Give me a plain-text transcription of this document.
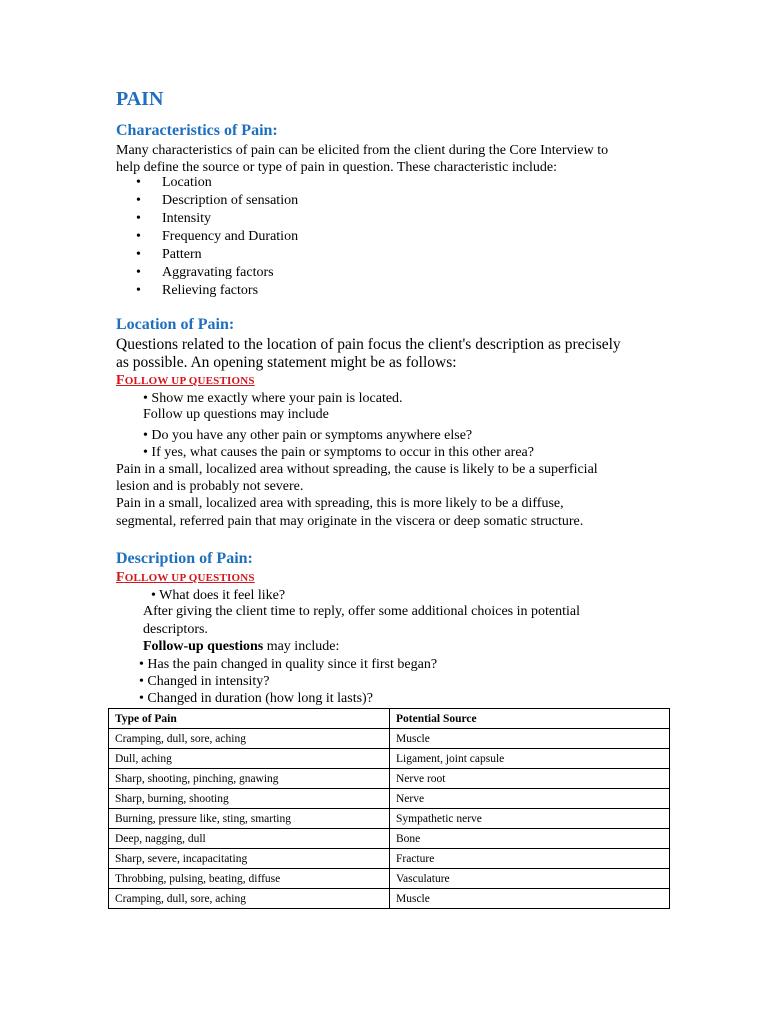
PAIN
Characteristics of Pain:
Many characteristics of pain can be elicited from the client during the Core Interview to
help define the source or type of pain in question. These characteristic include:
• Location
• Description of sensation
• Intensity
• Frequency and Duration
• Pattern
• Aggravating factors
• Relieving factors
Location of Pain:
Questions related to the location of pain focus the client's description as precisely
as possible. An opening statement might be as follows:
FOLLOW UP QUESTIONS
• Show me exactly where your pain is located.
Follow up questions may include
• Do you have any other pain or symptoms anywhere else?
• If yes, what causes the pain or symptoms to occur in this other area?
Pain in a small, localized area without spreading, the cause is likely to be a superficial
lesion and is probably not severe.
Pain in a small, localized area with spreading, this is more likely to be a diffuse,
segmental, referred pain that may originate in the viscera or deep somatic structure.
Description of Pain:
FOLLOW UP QUESTIONS
• What does it feel like?
After giving the client time to reply, offer some additional choices in potential
descriptors.
Follow-up questions may include:
• Has the pain changed in quality since it first began?
• Changed in intensity?
• Changed in duration (how long it lasts)?
Type of Pain	Potential Source
Cramping, dull, sore, aching	Muscle
Dull, aching	Ligament, joint capsule
Sharp, shooting, pinching, gnawing	Nerve root
Sharp, burning, shooting	Nerve
Burning, pressure like, sting, smarting	Sympathetic nerve
Deep, nagging, dull	Bone
Sharp, severe, incapacitating	Fracture
Throbbing, pulsing, beating, diffuse	Vasculature
Cramping, dull, sore, aching	Muscle
